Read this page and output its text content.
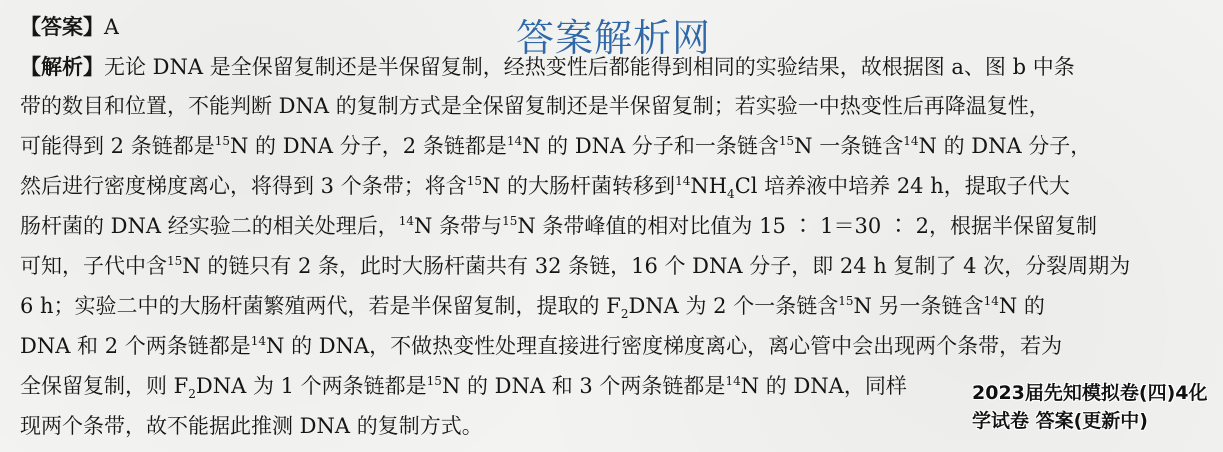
答案解析网
【答案】A
【解析】无论 DNA 是全保留复制还是半保留复制，经热变性后都能得到相同的实验结果，故根据图 a、图 b 中条
带的数目和位置，不能判断 DNA 的复制方式是全保留复制还是半保留复制；若实验一中热变性后再降温复性，
可能得到 2 条链都是$^{15}$N 的 DNA 分子，2 条链都是$^{14}$N 的 DNA 分子和一条链含$^{15}$N 一条链含$^{14}$N 的 DNA 分子，
然后进行密度梯度离心，将得到 3 个条带；将含$^{15}$N 的大肠杆菌转移到$^{14}NH_4Cl$ 培养液中培养 24 h，提取子代大
肠杆菌的 DNA 经实验二的相关处理后，$^{14}$N 条带与$^{15}$N 条带峰值的相对比值为 15 ∶ 1＝30 ∶ 2，根据半保留复制
可知，子代中含$^{15}$N 的链只有 2 条，此时大肠杆菌共有 32 条链，16 个 DNA 分子，即 24 h 复制了 4 次，分裂周期为
6 h；实验二中的大肠杆菌繁殖两代，若是半保留复制，提取的 $F_2DNA$ 为 2 个一条链含$^{15}$N 另一条链含$^{14}$N 的
DNA 和 2 个两条链都是$^{14}$N 的 DNA，不做热变性处理直接进行密度梯度离心，离心管中会出现两个条带，若为
全保留复制，则 $F_2DNA$ 为 1 个两条链都是$^{15}$N 的 DNA 和 3 个两条链都是$^{14}$N 的 DNA，同样
现两个条带，故不能据此推测 DNA 的复制方式。
2023届先知模拟卷(四)4化
学试卷 答案(更新中)
